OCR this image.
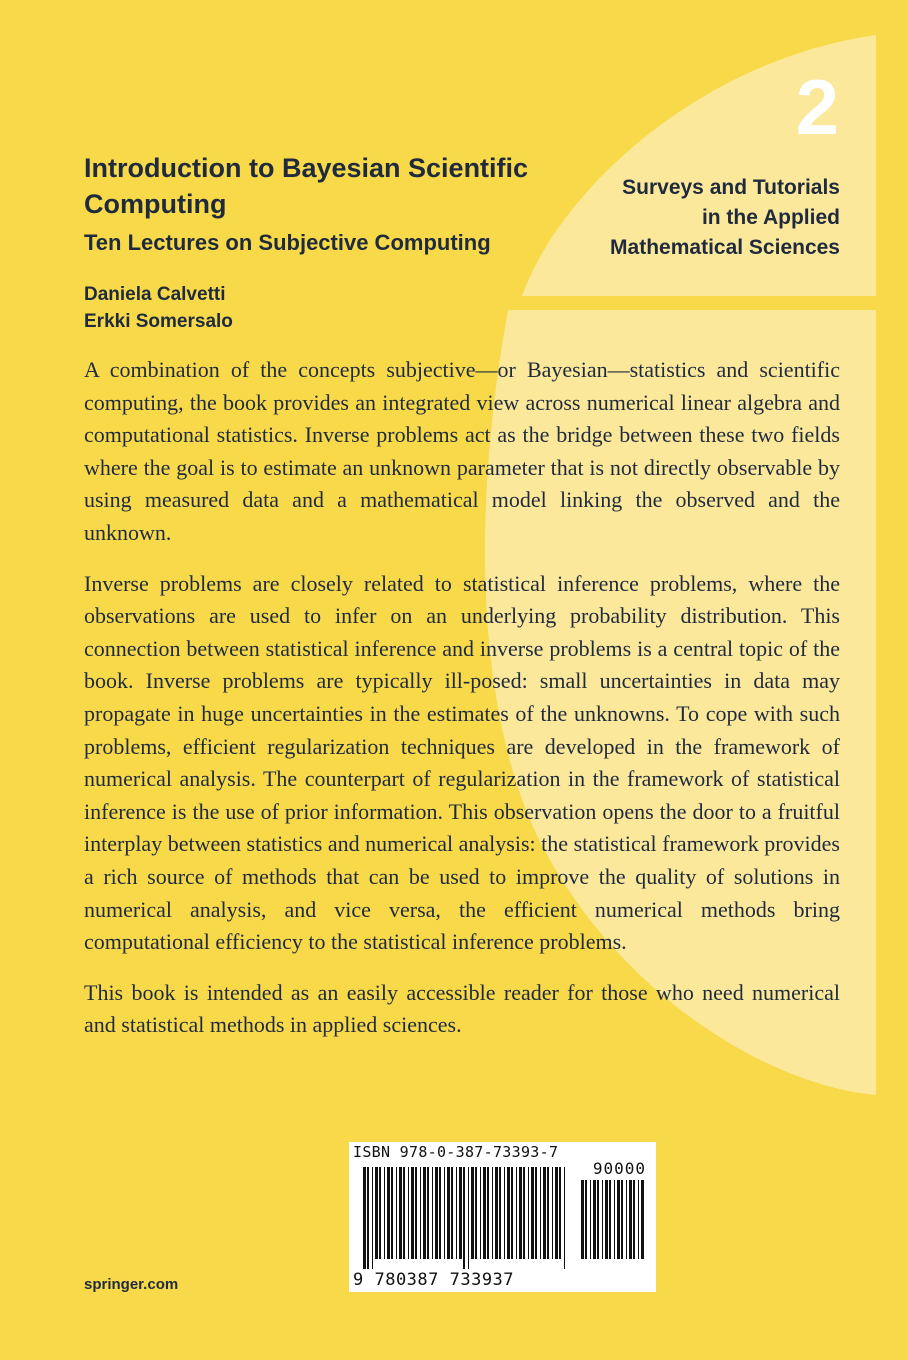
2
Surveys and Tutorials
in the Applied
Mathematical Sciences
Introduction to Bayesian Scientific Computing
Ten Lectures on Subjective Computing
Daniela Calvetti
Erkki Somersalo

A combination of the concepts subjective—or Bayesian—statistics and scientific computing, the book provides an integrated view across numerical linear algebra and computational statistics. Inverse problems act as the bridge between these two fields where the goal is to estimate an unknown parameter that is not directly observable by using measured data and a mathematical model linking the observed and the unknown.

Inverse problems are closely related to statistical inference problems, where the observations are used to infer on an underlying probability distribution. This connection between statistical inference and inverse problems is a central topic of the book. Inverse problems are typically ill-posed: small uncertainties in data may propagate in huge uncertainties in the estimates of the unknowns. To cope with such problems, efficient regularization techniques are developed in the framework of numerical analysis. The counterpart of regularization in the framework of statistical inference is the use of prior information. This observation opens the door to a fruitful interplay between statistics and numerical analysis: the statistical framework provides a rich source of methods that can be used to improve the quality of solutions in numerical analysis, and vice versa, the efficient numerical methods bring computational efficiency to the statistical inference problems.

This book is intended as an easily accessible reader for those who need numerical and statistical methods in applied sciences.

ISBN 978-0-387-73393-7
90000
9 780387 733937
springer.com
